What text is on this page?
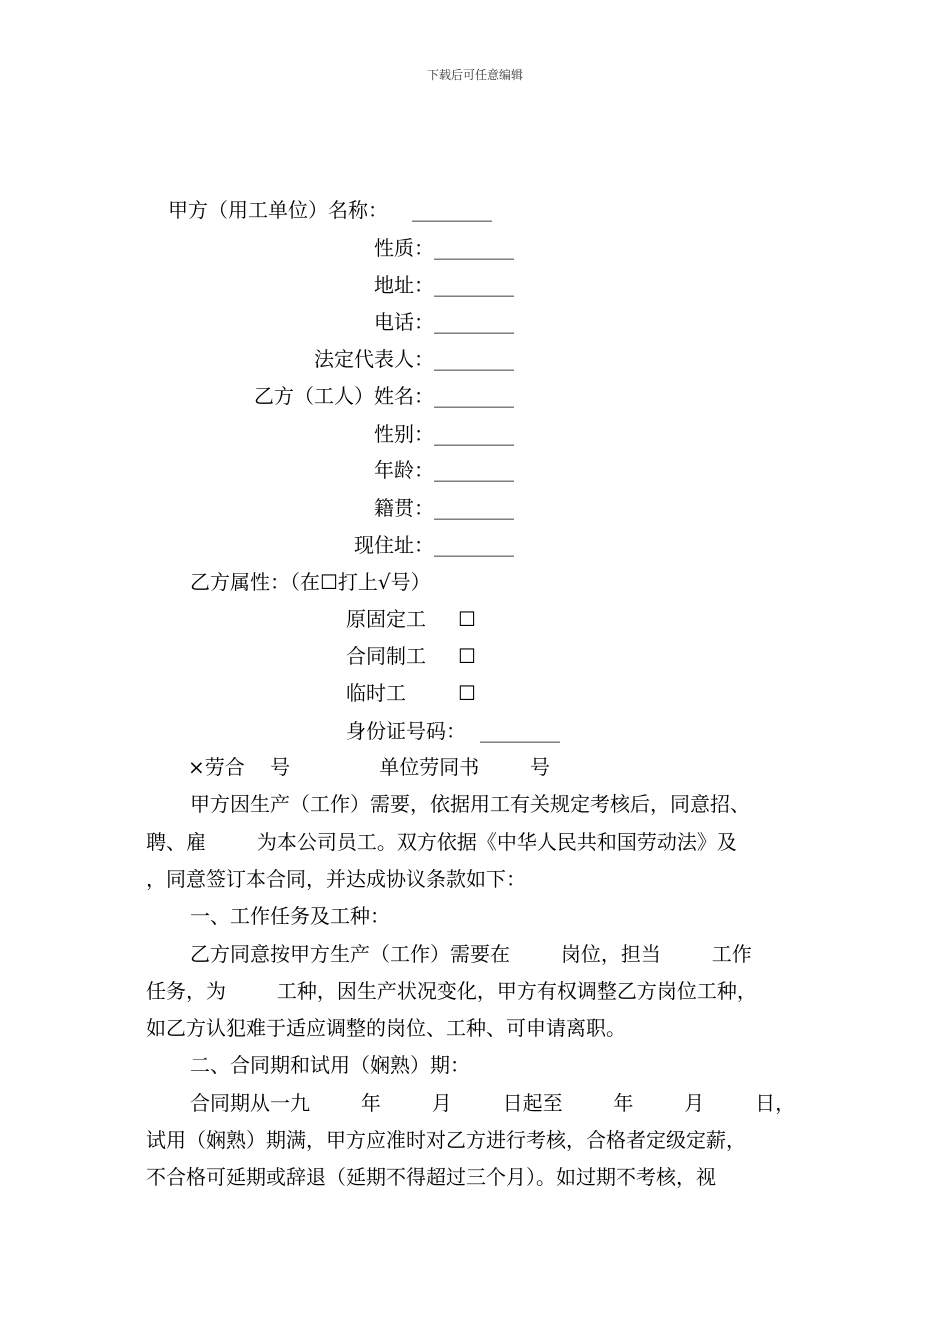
下载后可任意编辑
甲方（用工单位）名称： ________
性质： ________
地址： ________
电话： ________
法定代表人： ________
乙方（工人）姓名： ________
性别： ________
年龄： ________
籍贯： ________
现住址： ________
乙方属性：（在☐打上√号）
原固定工 ☐
合同制工 ☐
临时工	☐
身份证号码： ________
×劳合    号              单位劳同书        号
甲方因生产（工作）需要，依据用工有关规定考核后，同意招、
聘、雇        为本公司员工。双方依据《中华人民共和国劳动法》及
，同意签订本合同，并达成协议条款如下：
一、工作任务及工种：
乙方同意按甲方生产（工作）需要在        岗位，担当        工作
任务，为        工种，因生产状况变化，甲方有权调整乙方岗位工种，
如乙方认犯难于适应调整的岗位、工种、可申请离职。
二、合同期和试用（娴熟）期：
合同期从一九        年        月        日起至        年        月        日，
试用（娴熟）期满，甲方应准时对乙方进行考核，合格者定级定薪，
不合格可延期或辞退（延期不得超过三个月）。如过期不考核，视
